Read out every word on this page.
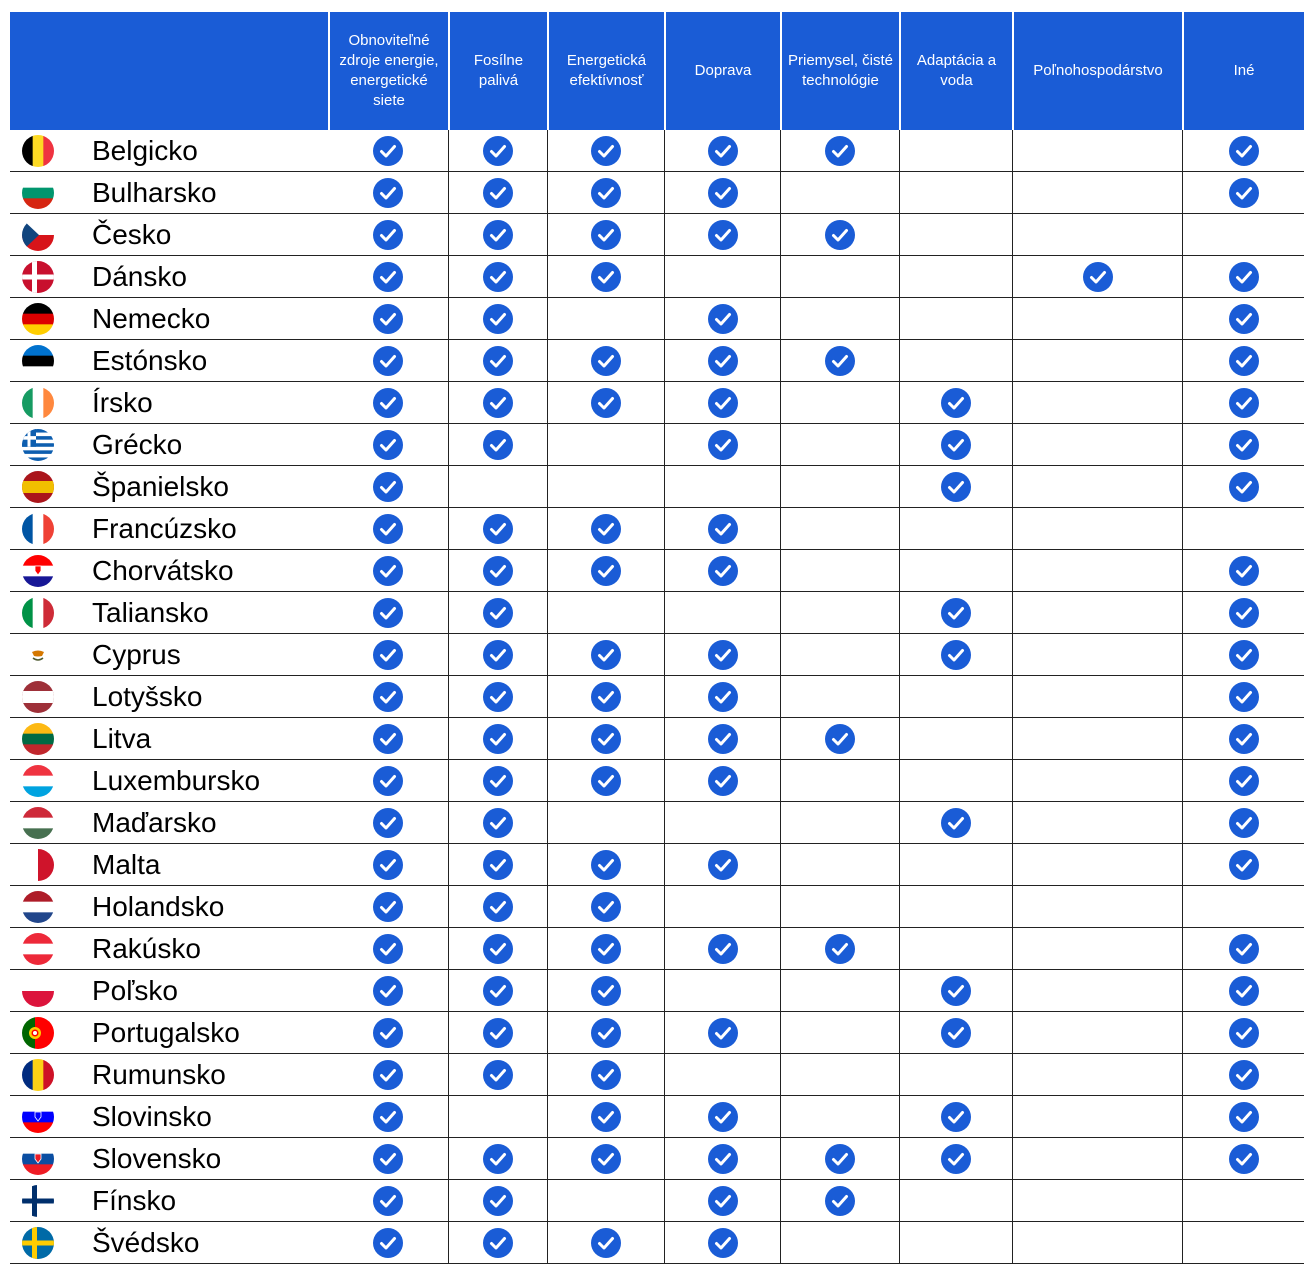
Obnoviteľné zdroje energie, energetické siete
Fosílne palivá
Energetická efektívnosť
Doprava
Priemysel, čisté technológie
Adaptácia a voda
Poľnohospodárstvo	Iné
Belgicko
Bulharsko
Česko
Dánsko
Nemecko
Estónsko
Írsko
Grécko
Španielsko
Francúzsko
Chorvátsko
Taliansko
Cyprus
Lotyšsko
Litva
Luxembursko
Maďarsko
Malta
Holandsko
Rakúsko
Poľsko
Portugalsko
Rumunsko
Slovinsko
Slovensko
Fínsko
Švédsko
